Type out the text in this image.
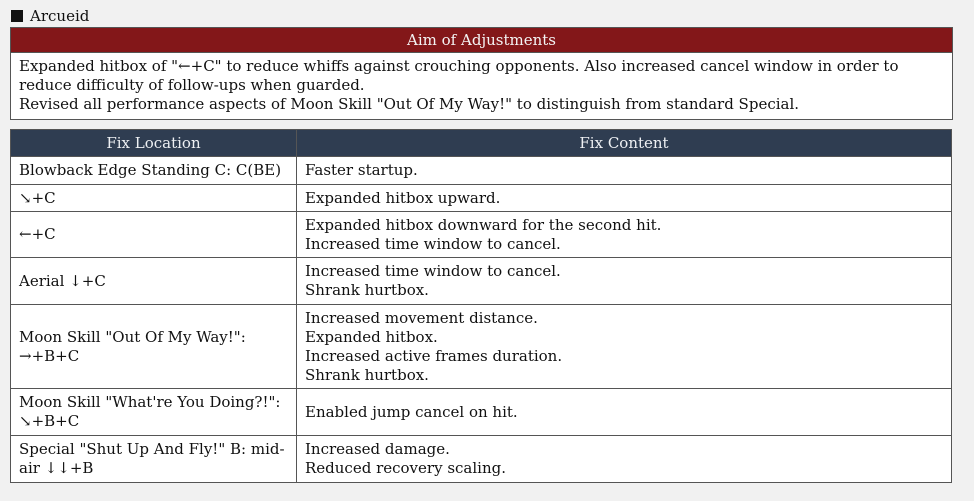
Arcueid
Aim of Adjustments

Expanded hitbox of "←+C" to reduce whiffs against crouching opponents. Also increased cancel window in order to reduce difficulty of follow-ups when guarded.

Revised all performance aspects of Moon Skill "Out Of My Way!" to distinguish from standard Special.

Fix Location	Fix Content

Blowback Edge Standing C: C(BE)	Faster startup.

↘+C	Expanded hitbox upward.

←+C	Expanded hitbox downward for the second hit.
Increased time window to cancel.

Aerial ↓+C	Increased time window to cancel.
Shrank hurtbox.

Moon Skill "Out Of My Way!":
→+B+C	Increased movement distance.
Expanded hitbox.
Increased active frames duration.
Shrank hurtbox.

Moon Skill "What're You Doing?!":
↘+B+C	Enabled jump cancel on hit.

Special "Shut Up And Fly!" B: mid-
air ↓↓+B	Increased damage.
Reduced recovery scaling.
